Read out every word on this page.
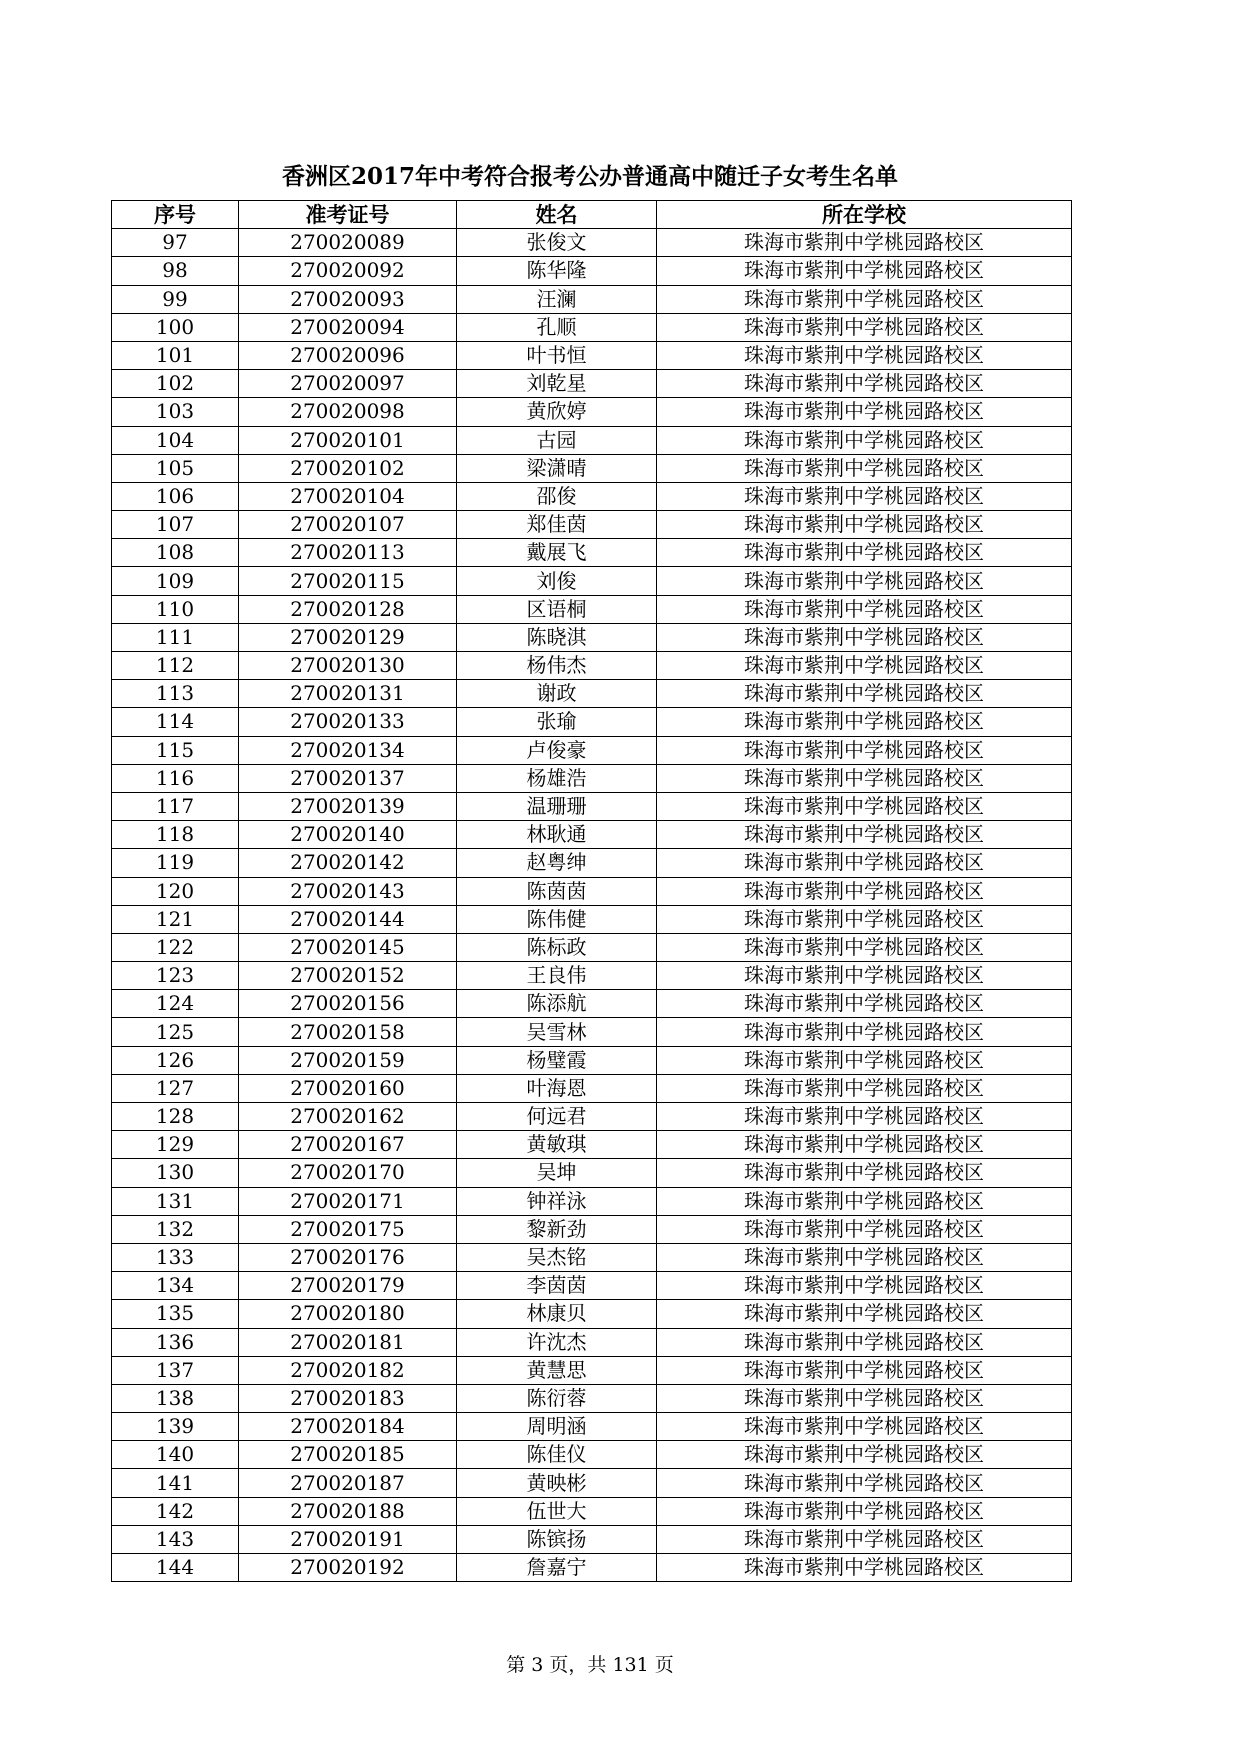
香洲区2017年中考符合报考公办普通高中随迁子女考生名单
序号	准考证号	姓名	所在学校
97	270020089	张俊文	珠海市紫荆中学桃园路校区
98	270020092	陈华隆	珠海市紫荆中学桃园路校区
99	270020093	汪澜	珠海市紫荆中学桃园路校区
100	270020094	孔顺	珠海市紫荆中学桃园路校区
101	270020096	叶书恒	珠海市紫荆中学桃园路校区
102	270020097	刘乾星	珠海市紫荆中学桃园路校区
103	270020098	黄欣婷	珠海市紫荆中学桃园路校区
104	270020101	古园	珠海市紫荆中学桃园路校区
105	270020102	梁潇晴	珠海市紫荆中学桃园路校区
106	270020104	邵俊	珠海市紫荆中学桃园路校区
107	270020107	郑佳茵	珠海市紫荆中学桃园路校区
108	270020113	戴展飞	珠海市紫荆中学桃园路校区
109	270020115	刘俊	珠海市紫荆中学桃园路校区
110	270020128	区语桐	珠海市紫荆中学桃园路校区
111	270020129	陈晓淇	珠海市紫荆中学桃园路校区
112	270020130	杨伟杰	珠海市紫荆中学桃园路校区
113	270020131	谢政	珠海市紫荆中学桃园路校区
114	270020133	张瑜	珠海市紫荆中学桃园路校区
115	270020134	卢俊豪	珠海市紫荆中学桃园路校区
116	270020137	杨雄浩	珠海市紫荆中学桃园路校区
117	270020139	温珊珊	珠海市紫荆中学桃园路校区
118	270020140	林耿通	珠海市紫荆中学桃园路校区
119	270020142	赵粤绅	珠海市紫荆中学桃园路校区
120	270020143	陈茵茵	珠海市紫荆中学桃园路校区
121	270020144	陈伟健	珠海市紫荆中学桃园路校区
122	270020145	陈标政	珠海市紫荆中学桃园路校区
123	270020152	王良伟	珠海市紫荆中学桃园路校区
124	270020156	陈添航	珠海市紫荆中学桃园路校区
125	270020158	吴雪林	珠海市紫荆中学桃园路校区
126	270020159	杨璧霞	珠海市紫荆中学桃园路校区
127	270020160	叶海恩	珠海市紫荆中学桃园路校区
128	270020162	何远君	珠海市紫荆中学桃园路校区
129	270020167	黄敏琪	珠海市紫荆中学桃园路校区
130	270020170	吴坤	珠海市紫荆中学桃园路校区
131	270020171	钟祥泳	珠海市紫荆中学桃园路校区
132	270020175	黎新劲	珠海市紫荆中学桃园路校区
133	270020176	吴杰铭	珠海市紫荆中学桃园路校区
134	270020179	李茵茵	珠海市紫荆中学桃园路校区
135	270020180	林康贝	珠海市紫荆中学桃园路校区
136	270020181	许沈杰	珠海市紫荆中学桃园路校区
137	270020182	黄慧思	珠海市紫荆中学桃园路校区
138	270020183	陈衍蓉	珠海市紫荆中学桃园路校区
139	270020184	周明涵	珠海市紫荆中学桃园路校区
140	270020185	陈佳仪	珠海市紫荆中学桃园路校区
141	270020187	黄映彬	珠海市紫荆中学桃园路校区
142	270020188	伍世大	珠海市紫荆中学桃园路校区
143	270020191	陈镔扬	珠海市紫荆中学桃园路校区
144	270020192	詹嘉宁	珠海市紫荆中学桃园路校区
第 3 页，共 131 页
